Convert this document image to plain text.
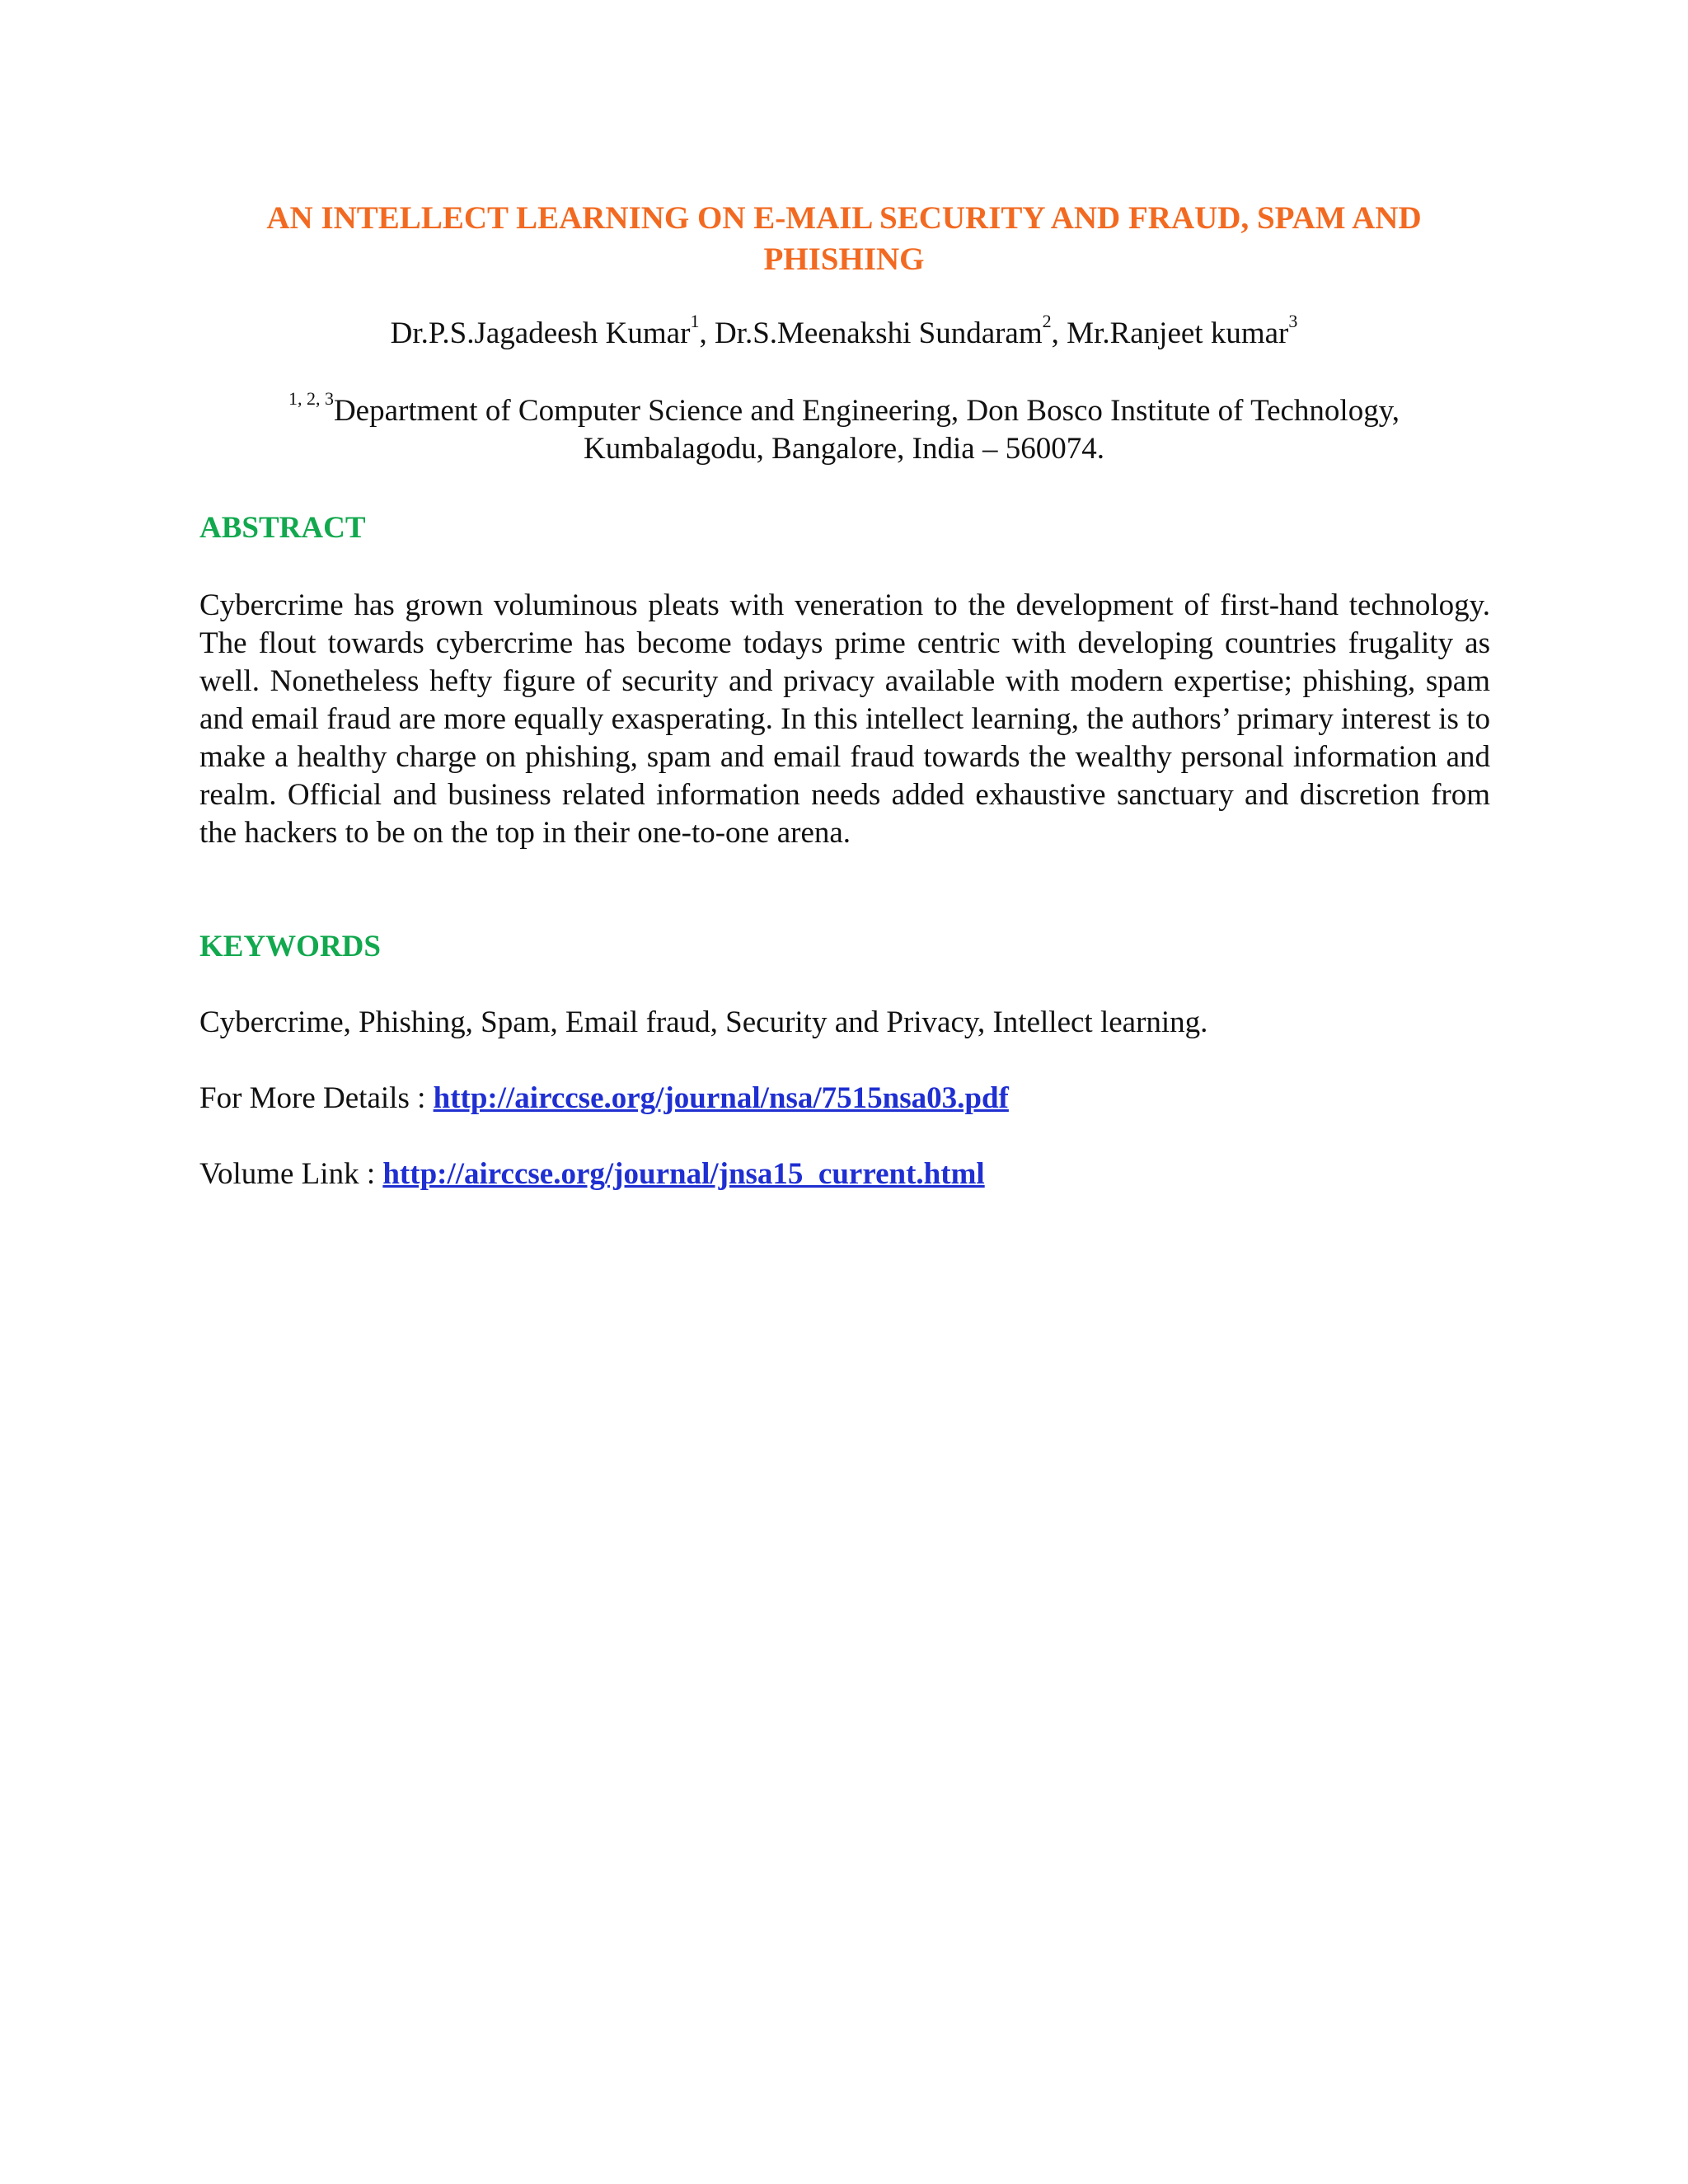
AN INTELLECT LEARNING ON E-MAIL SECURITY AND FRAUD, SPAM AND
PHISHING

Dr.P.S.Jagadeesh Kumar$^1$, Dr.S.Meenakshi Sundaram$^2$, Mr.Ranjeet kumar$^3$

$^{1, 2, 3}$Department of Computer Science and Engineering, Don Bosco Institute of Technology,
Kumbalagodu, Bangalore, India – 560074.

ABSTRACT

Cybercrime has grown voluminous pleats with veneration to the development of first-hand technology. The flout towards cybercrime has become todays prime centric with developing countries frugality as well. Nonetheless hefty figure of security and privacy available with modern expertise; phishing, spam and email fraud are more equally exasperating. In this intellect learning, the authors’ primary interest is to make a healthy charge on phishing, spam and email fraud towards the wealthy personal information and realm. Official and business related information needs added exhaustive sanctuary and discretion from the hackers to be on the top in their one-to-one arena.

KEYWORDS

Cybercrime, Phishing, Spam, Email fraud, Security and Privacy, Intellect learning.

For More Details : http://airccse.org/journal/nsa/7515nsa03.pdf

Volume Link : http://airccse.org/journal/jnsa15_current.html
